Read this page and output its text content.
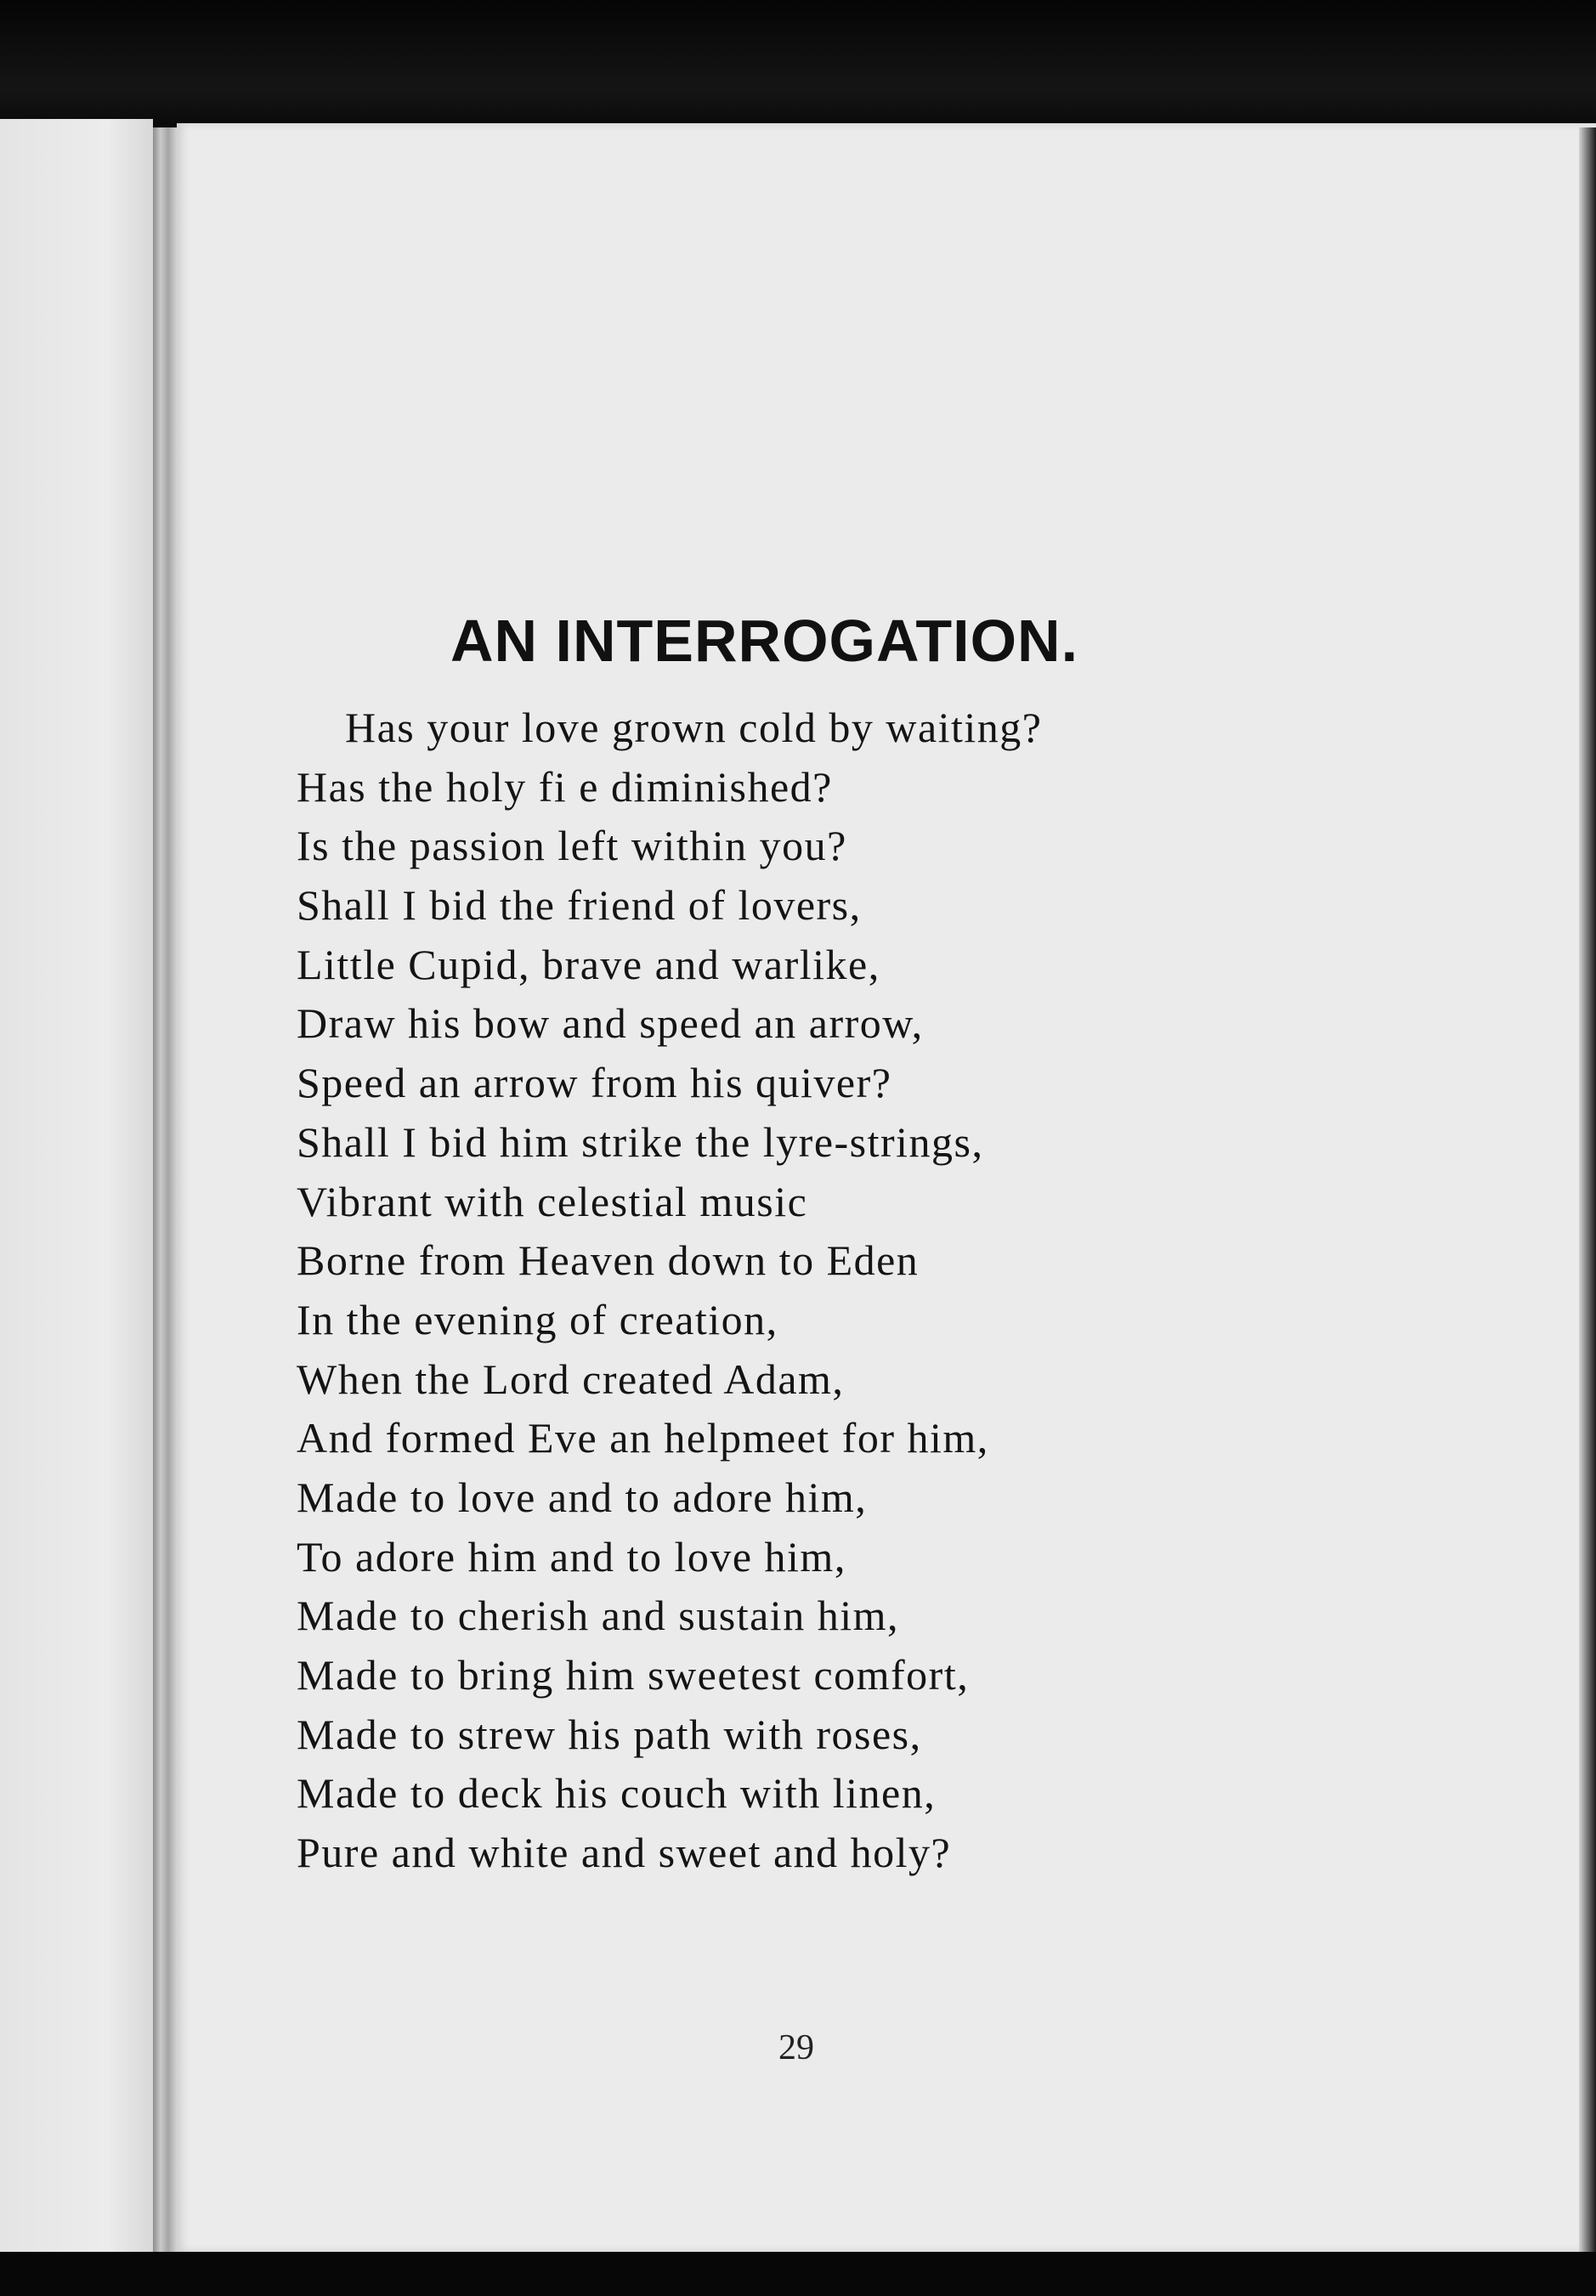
AN INTERROGATION.
Has your love grown cold by waiting?
Has the holy fi e diminished?
Is the passion left within you?
Shall I bid the friend of lovers,
Little Cupid, brave and warlike,
Draw his bow and speed an arrow,
Speed an arrow from his quiver?
Shall I bid him strike the lyre-strings,
Vibrant with celestial music
Borne from Heaven down to Eden
In the evening of creation,
When the Lord created Adam,
And formed Eve an helpmeet for him,
Made to love and to adore him,
To adore him and to love him,
Made to cherish and sustain him,
Made to bring him sweetest comfort,
Made to strew his path with roses,
Made to deck his couch with linen,
Pure and white and sweet and holy?
29
